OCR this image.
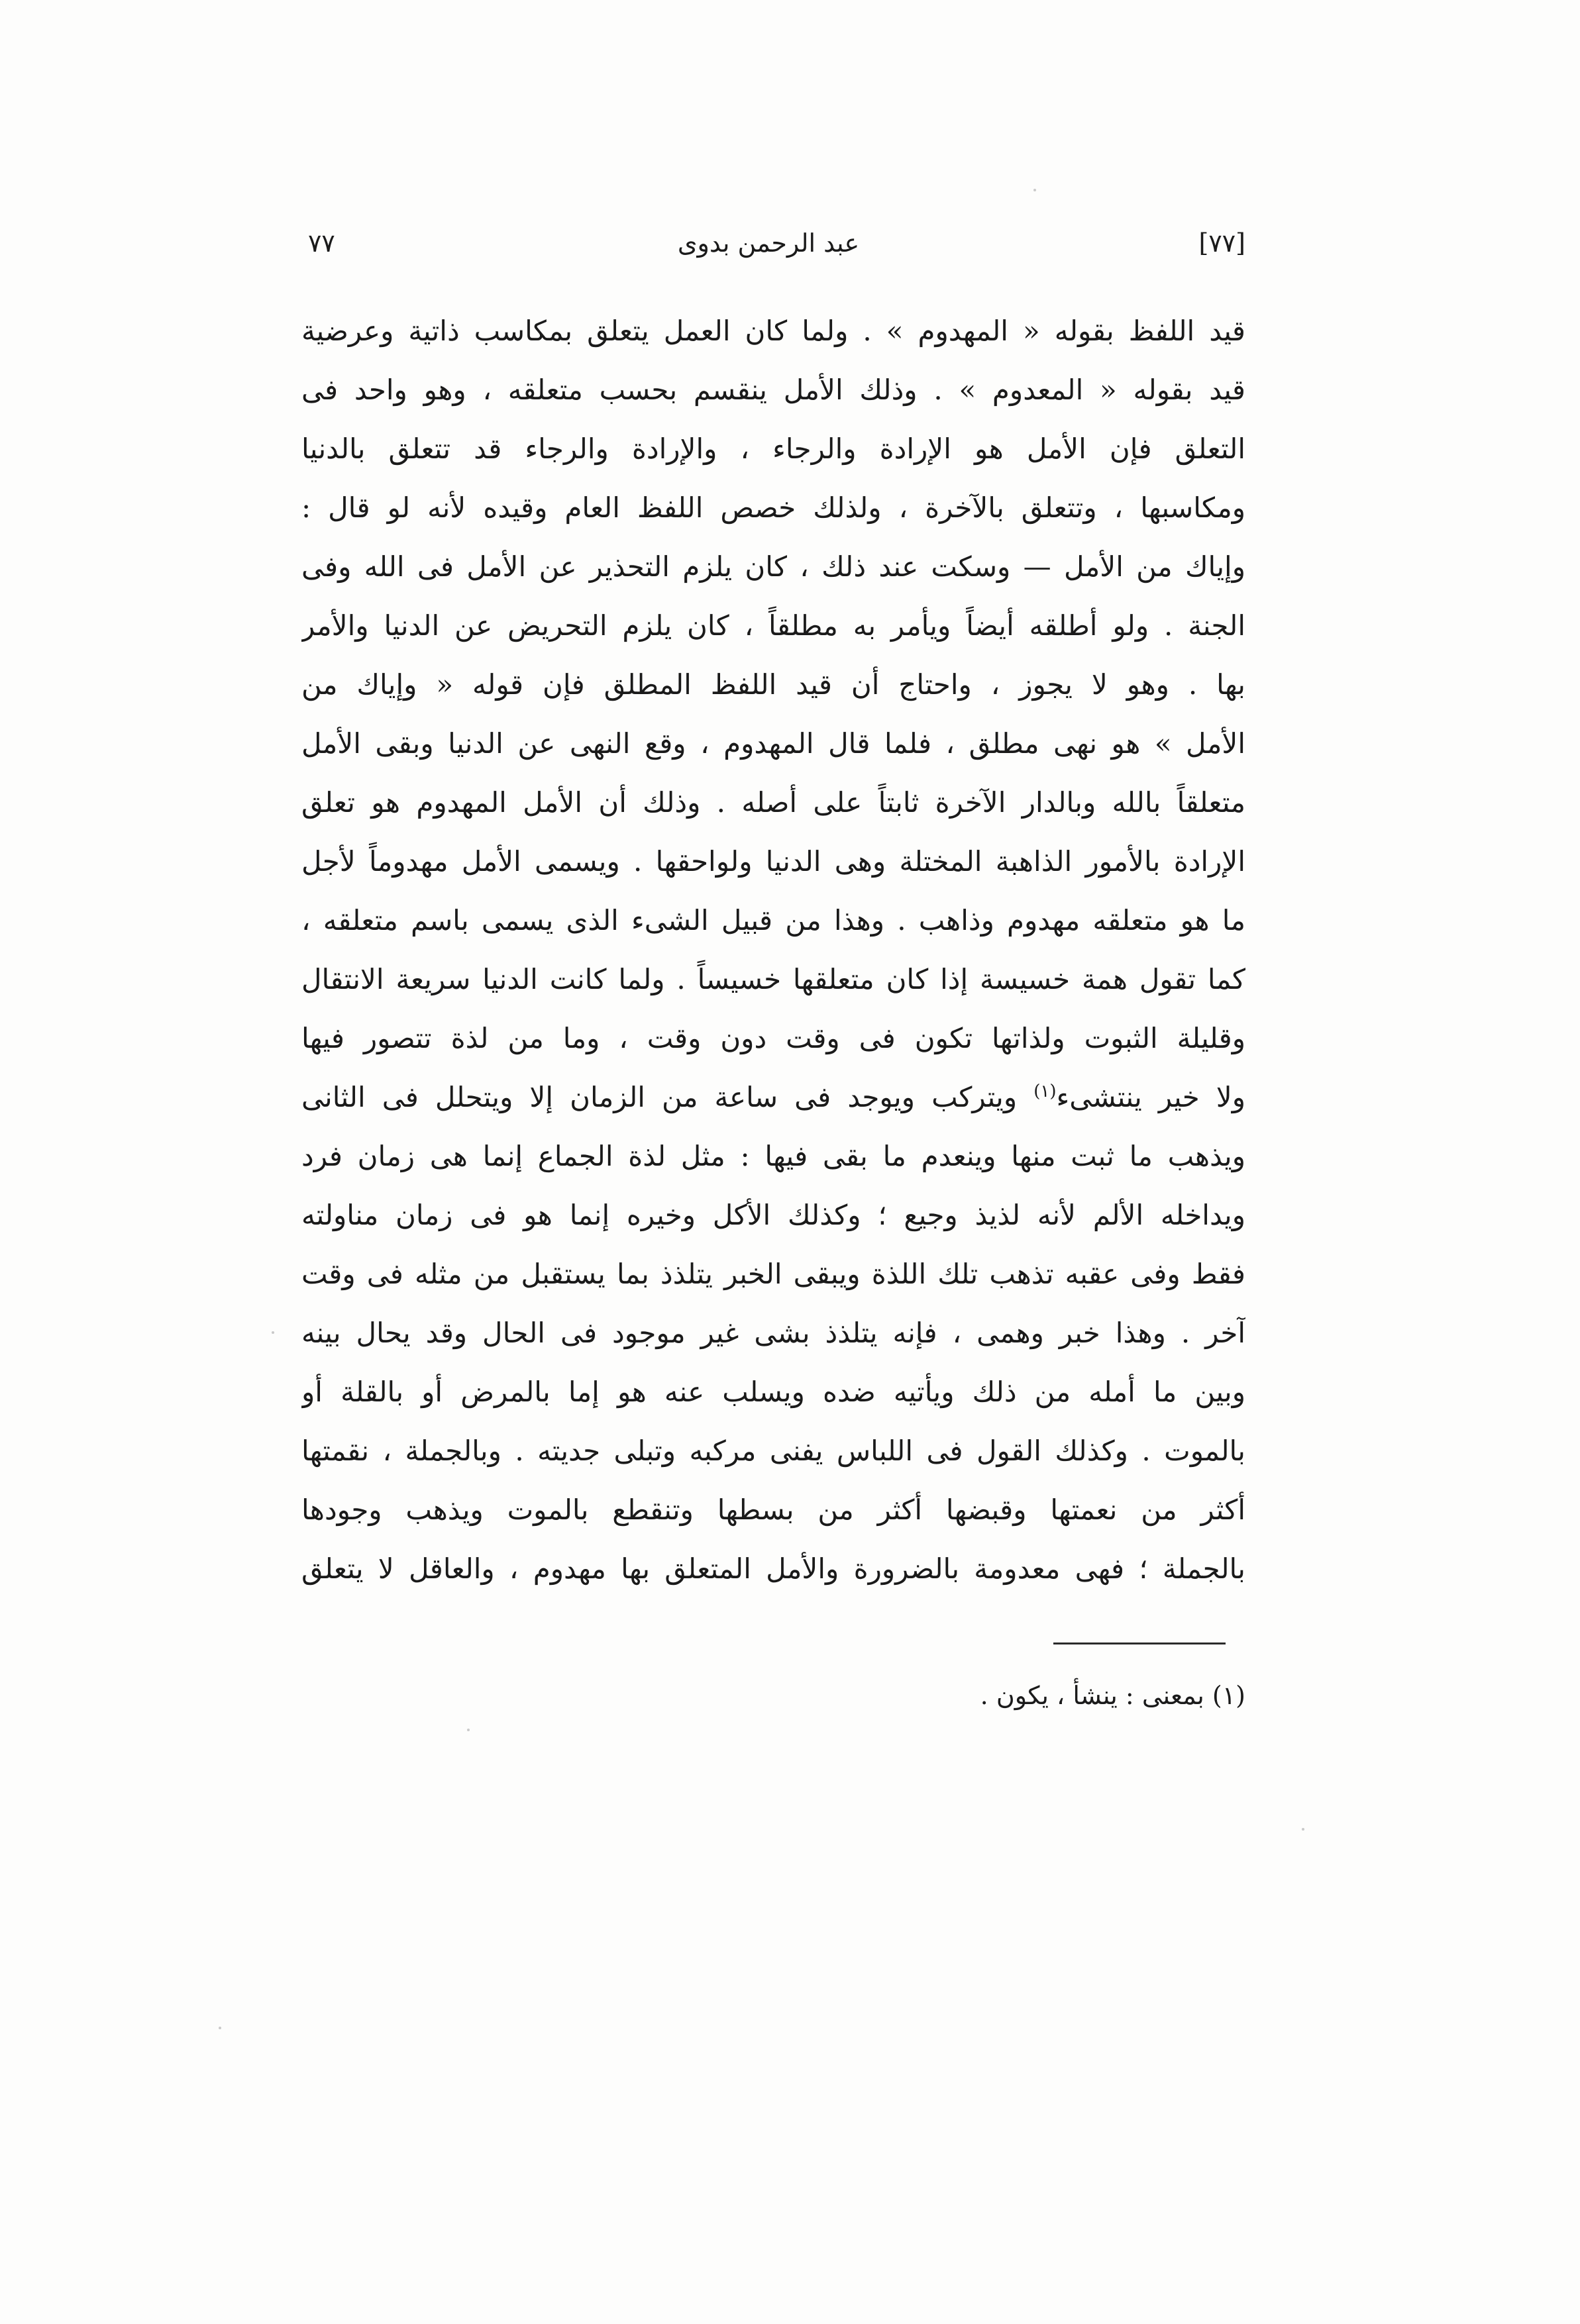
٧٧	عبد الرحمن بدوى	[٧٧]
قيد اللفظ بقوله « المهدوم » . ولما كان العمل يتعلق بمكاسب ذاتية وعرضية
قيد بقوله « المعدوم » . وذلك الأمل ينقسم بحسب متعلقه ، وهو واحد فى
التعلق فإن الأمل هو الإرادة والرجاء ، والإرادة والرجاء قد تتعلق بالدنيا
ومكاسبها ، وتتعلق بالآخرة ، ولذلك خصص اللفظ العام وقيده لأنه لو قال :
وإياك من الأمل — وسكت عند ذلك ، كان يلزم التحذير عن الأمل فى الله وفى
الجنة . ولو أطلقه أيضاً ويأمر به مطلقاً ، كان يلزم التحريض عن الدنيا والأمر
بها . وهو لا يجوز ، واحتاج أن قيد اللفظ المطلق فإن قوله « وإياك من
الأمل » هو نهى مطلق ، فلما قال المهدوم ، وقع النهى عن الدنيا وبقى الأمل
متعلقاً بالله وبالدار الآخرة ثابتاً على أصله . وذلك أن الأمل المهدوم هو تعلق
الإرادة بالأمور الذاهبة المختلة وهى الدنيا ولواحقها . ويسمى الأمل مهدوماً لأجل
ما هو متعلقه مهدوم وذاهب . وهذا من قبيل الشىء الذى يسمى باسم متعلقه ،
كما تقول همة خسيسة إذا كان متعلقها خسيساً . ولما كانت الدنيا سريعة الانتقال
وقليلة الثبوت ولذاتها تكون فى وقت دون وقت ، وما من لذة تتصور فيها
ولا خير ينتشىء$^{(١)}$ ويتركب ويوجد فى ساعة من الزمان إلا ويتحلل فى الثانى
ويذهب ما ثبت منها وينعدم ما بقى فيها : مثل لذة الجماع إنما هى زمان فرد
ويداخله الألم لأنه لذيذ وجيع ؛ وكذلك الأكل وخيره إنما هو فى زمان مناولته
فقط وفى عقبه تذهب تلك اللذة ويبقى الخبر يتلذذ بما يستقبل من مثله فى وقت
آخر . وهذا خبر وهمى ، فإنه يتلذذ بشى غير موجود فى الحال وقد يحال بينه
وبين ما أمله من ذلك ويأتيه ضده ويسلب عنه هو إما بالمرض أو بالقلة أو
بالموت . وكذلك القول فى اللباس يفنى مركبه وتبلى جديته . وبالجملة ، نقمتها
أكثر من نعمتها وقبضها أكثر من بسطها وتنقطع بالموت ويذهب وجودها
بالجملة ؛ فهى معدومة بالضرورة والأمل المتعلق بها مهدوم ، والعاقل لا يتعلق
(١) بمعنى : ينشأ ، يكون .
